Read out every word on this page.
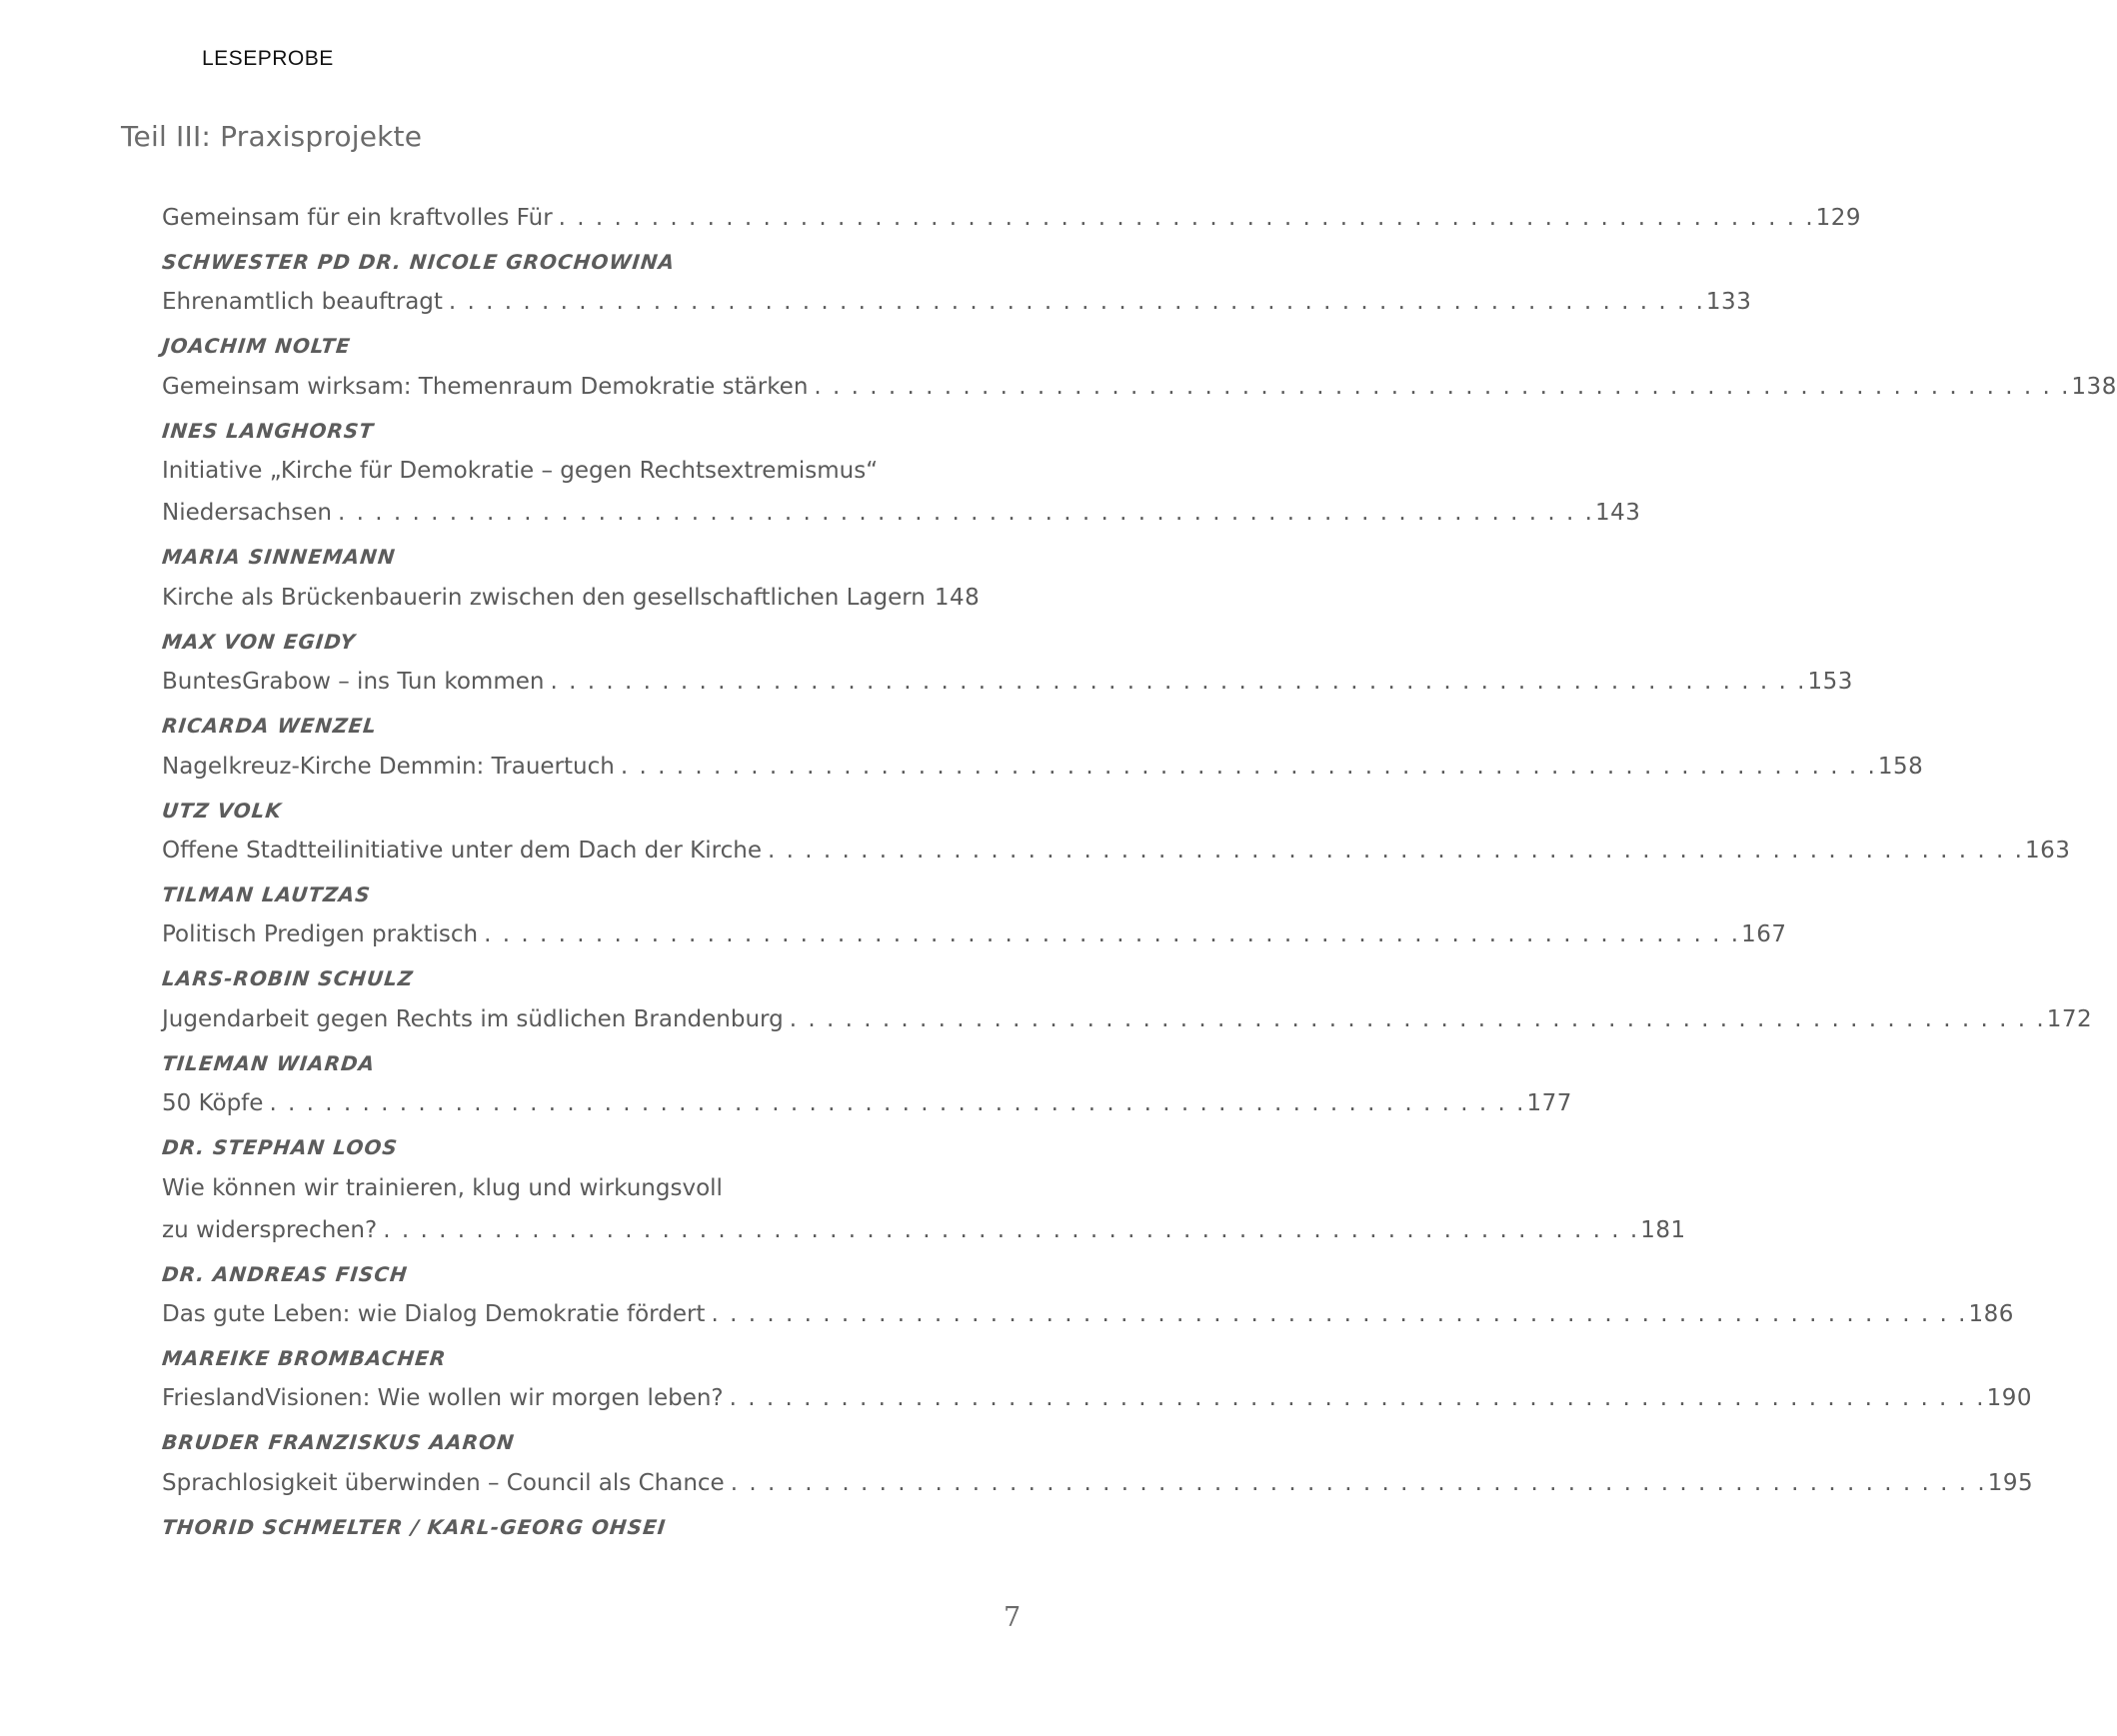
LESEPROBE
Teil III: Praxisprojekte
Gemeinsam für ein kraftvolles Für . . .	129
SCHWESTER PD DR. NICOLE GROCHOWINA
Ehrenamtlich beauftragt . . .	133
JOACHIM NOLTE
Gemeinsam wirksam: Themenraum Demokratie stärken . . .	138
INES LANGHORST
Initiative „Kirche für Demokratie – gegen Rechtsextremismus“
Niedersachsen . . .	143
MARIA SINNEMANN
Kirche als Brückenbauerin zwischen den gesellschaftlichen Lagern 148
MAX VON EGIDY
BuntesGrabow – ins Tun kommen . . .	153
RICARDA WENZEL
Nagelkreuz-Kirche Demmin: Trauertuch . . .	158
UTZ VOLK
Offene Stadtteilinitiative unter dem Dach der Kirche . . .	163
TILMAN LAUTZAS
Politisch Predigen praktisch . . .	167
LARS-ROBIN SCHULZ
Jugendarbeit gegen Rechts im südlichen Brandenburg . . .	172
TILEMAN WIARDA
50 Köpfe . . .	177
DR. STEPHAN LOOS
Wie können wir trainieren, klug und wirkungsvoll
zu widersprechen? . . .	181
DR. ANDREAS FISCH
Das gute Leben: wie Dialog Demokratie fördert . . .	186
MAREIKE BROMBACHER
FrieslandVisionen: Wie wollen wir morgen leben? . . .	190
BRUDER FRANZISKUS AARON
Sprachlosigkeit überwinden – Council als Chance . . .	195
THORID SCHMELTER / KARL-GEORG OHSEI
7
